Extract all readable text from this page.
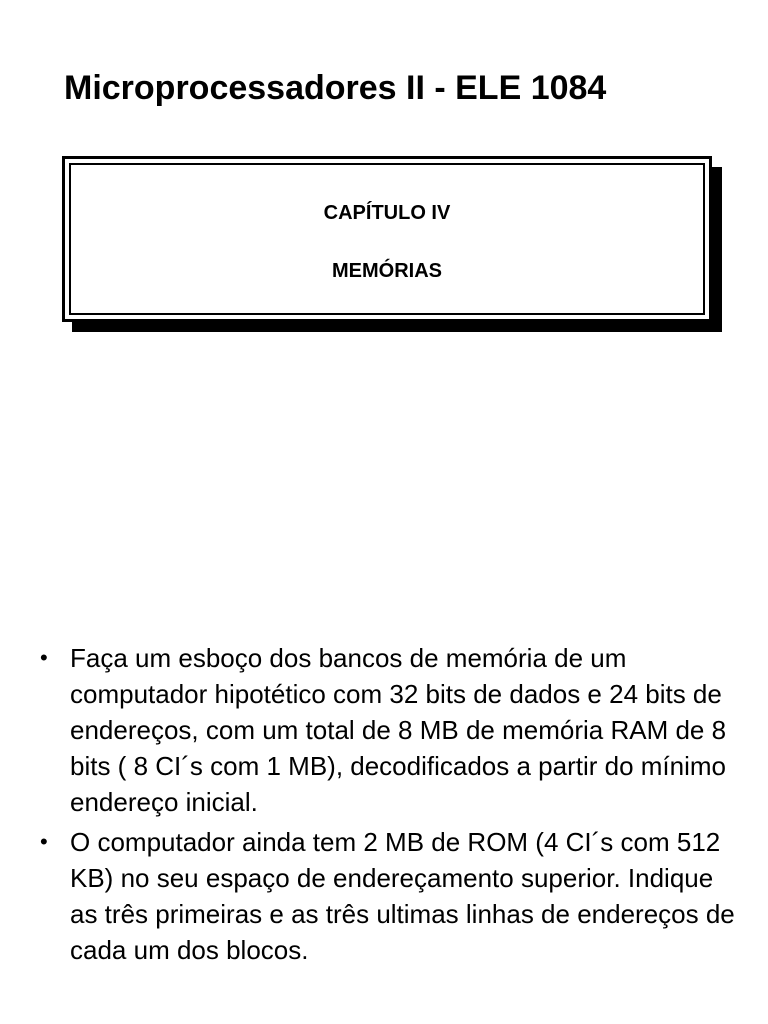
Microprocessadores II - ELE 1084
CAPÍTULO IV
MEMÓRIAS
• Faça um esboço dos bancos de memória de um computador hipotético com 32 bits de dados e 24 bits de endereços, com um total de 8 MB de memória RAM de 8 bits ( 8 CI´s com 1 MB), decodificados a partir do mínimo endereço inicial.
• O computador ainda tem 2 MB de ROM (4 CI´s com 512 KB) no seu espaço de endereçamento superior. Indique as três primeiras e as três ultimas linhas de endereços de cada um dos blocos.
